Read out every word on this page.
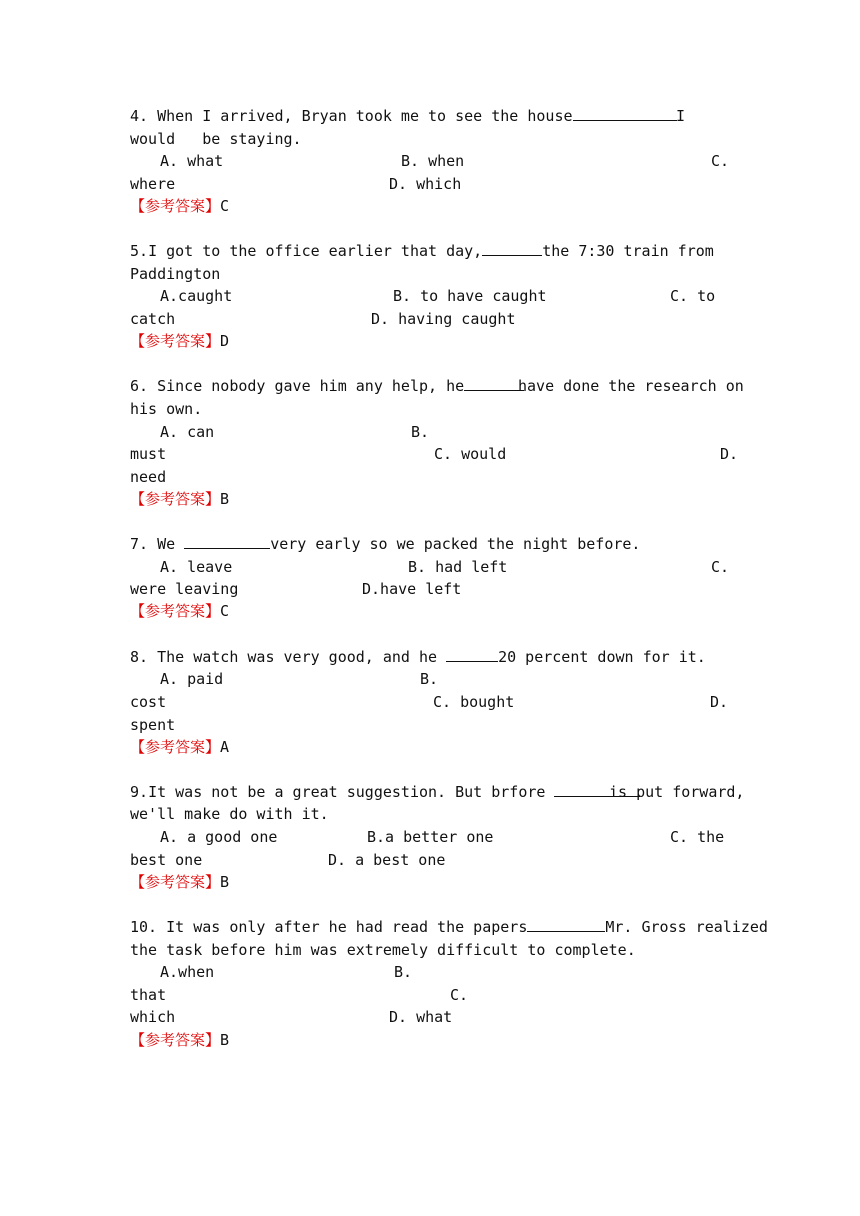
4. When I arrived, Bryan took me to see the house	I
would   be staying.
A. what	B. when	C.
where	D. which
【参考答案】C
5.I got to the office earlier that day,	the 7:30 train from
Paddington
A.caught	B. to have caught	C. to
catch	D. having caught
【参考答案】D
6. Since nobody gave him any help, he	have done the research on
his own.
A. can	B.
must	C. would	D.
need
【参考答案】B
7. We	very early so we packed the night before.
A. leave	B. had left	C.
were leaving	D.have left
【参考答案】C
8. The watch was very good, and he	20 percent down for it.
A. paid	B.
cost	C. bought	D.
spent
【参考答案】A
9.It was not be a great suggestion. But brfore	is put forward,
we'll make do with it.
A. a good one	B.a better one	C. the
best one	D. a best one
【参考答案】B
10. It was only after he had read the papers	Mr. Gross realized
the task before him was extremely difficult to complete.
A.when	B.
that	C.
which	D. what
【参考答案】B
